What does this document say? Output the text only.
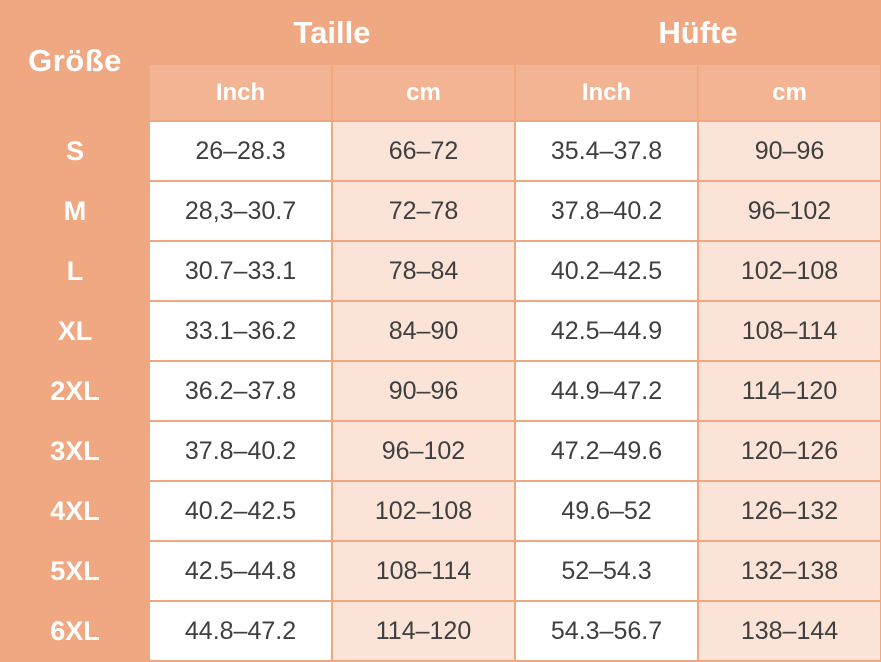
Größe	Taille		Hüfte	
	Inch	cm	Inch	cm
S	26–28.3	66–72	35.4–37.8	90–96
M	28,3–30.7	72–78	37.8–40.2	96–102
L	30.7–33.1	78–84	40.2–42.5	102–108
XL	33.1–36.2	84–90	42.5–44.9	108–114
2XL	36.2–37.8	90–96	44.9–47.2	114–120
3XL	37.8–40.2	96–102	47.2–49.6	120–126
4XL	40.2–42.5	102–108	49.6–52	126–132
5XL	42.5–44.8	108–114	52–54.3	132–138
6XL	44.8–47.2	114–120	54.3–56.7	138–144
